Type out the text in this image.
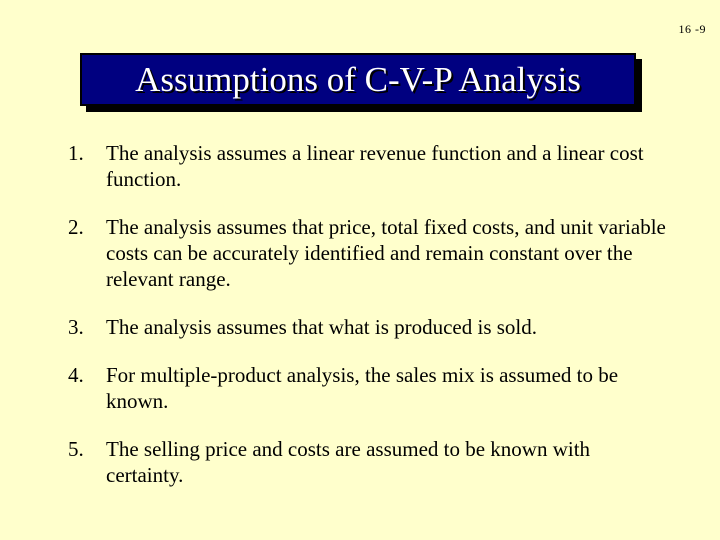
16 -9
Assumptions of C-V-P Analysis
1.	The analysis assumes a linear revenue function and a linear cost function.
2.	The analysis assumes that price, total fixed costs, and unit variable costs can be accurately identified and remain constant over the relevant range.
3.	The analysis assumes that what is produced is sold.
4.	For multiple-product analysis, the sales mix is assumed to be known.
5.	The selling price and costs are assumed to be known with certainty.
